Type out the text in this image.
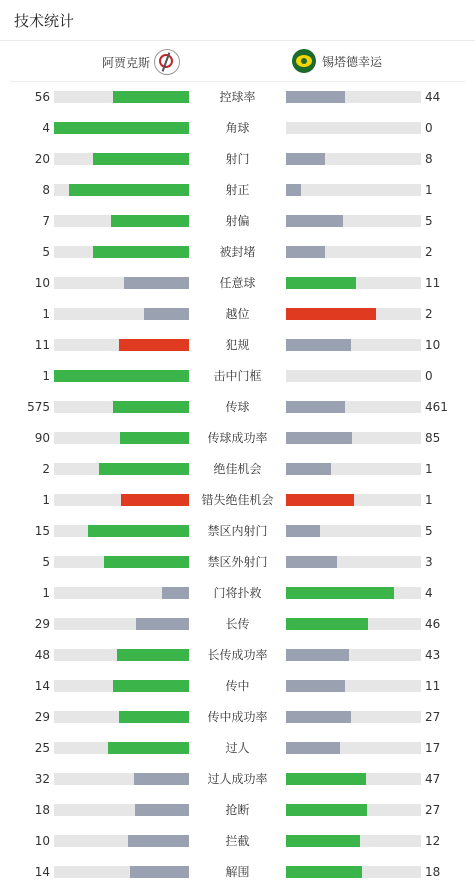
技术统计
阿贾克斯	锡塔德幸运
56	控球率	44
4	角球	0
20	射门	8
8	射正	1
7	射偏	5
5	被封堵	2
10	任意球	11
1	越位	2
11	犯规	10
1	击中门框	0
575	传球	461
90	传球成功率	85
2	绝佳机会	1
1	错失绝佳机会	1
15	禁区内射门	5
5	禁区外射门	3
1	门将扑救	4
29	长传	46
48	长传成功率	43
14	传中	11
29	传中成功率	27
25	过人	17
32	过人成功率	47
18	抢断	27
10	拦截	12
14	解围	18
